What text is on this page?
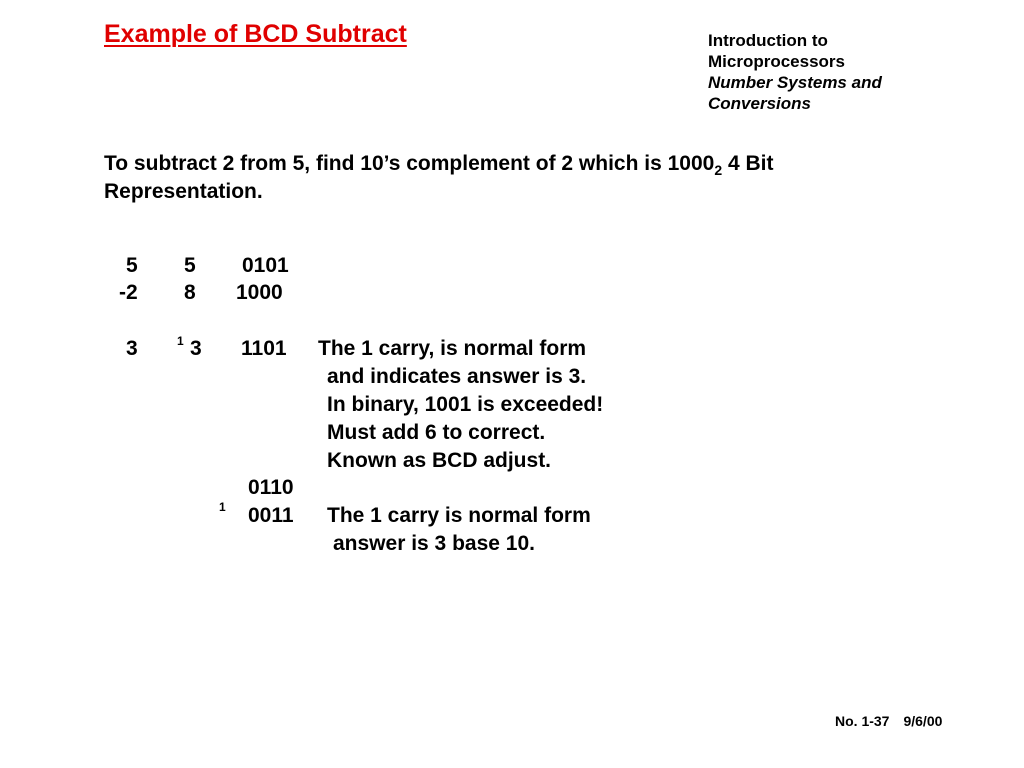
Example of BCD Subtract	Introduction to
Microprocessors
Number Systems and
Conversions
To subtract 2 from 5, find 10’s complement of 2 which is $1000_2$ 4 Bit
Representation.
5 5 0101
-2 8 1000
3	1 3 1101 The 1 carry, is normal form
and indicates answer is 3.
In binary, 1001 is exceeded!
Must add 6 to correct.
Known as BCD adjust.
0110
1 0011 The 1 carry is normal form
answer is 3 base 10.
No. 1-37 9/6/00
